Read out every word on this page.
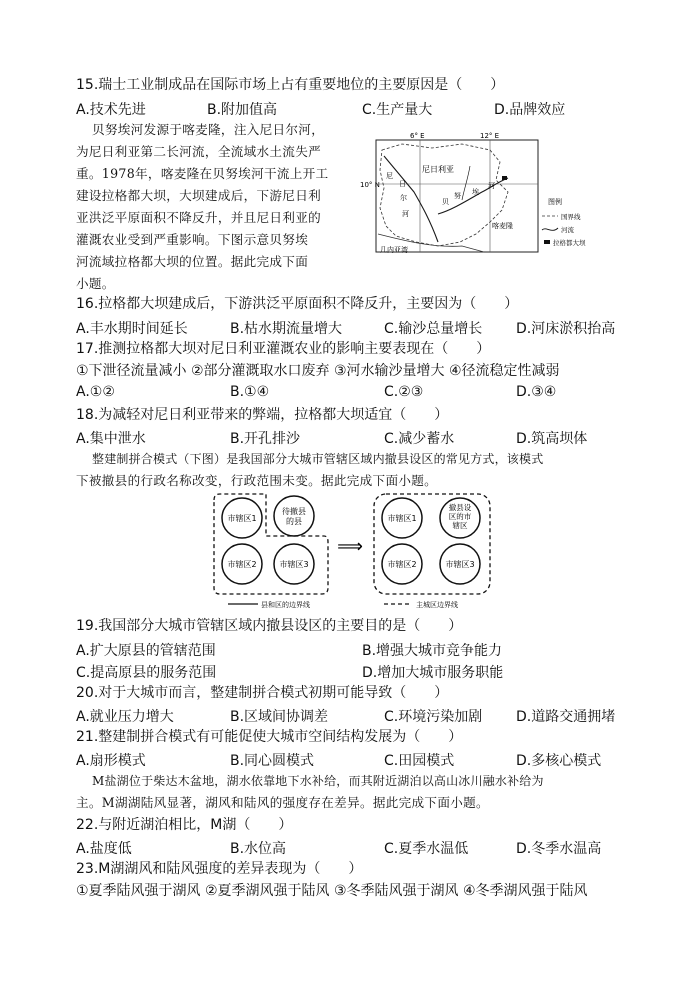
15.瑞士工业制成品在国际市场上占有重要地位的主要原因是（　　）
A.技术先进	B.附加值高	C.生产量大	D.品牌效应
贝努埃河发源于喀麦隆，注入尼日尔河，
为尼日利亚第二长河流，全流域水土流失严
重。1978年，喀麦隆在贝努埃河干流上开工
建设拉格都大坝，大坝建成后，下游尼日利
亚洪泛平原面积不降反升，并且尼日利亚的
灌溉农业受到严重影响。下图示意贝努埃
河流域拉格都大坝的位置。据此完成下面
小题。
6° E	12° E
10° N
尼日利亚
几内亚湾
喀麦隆
尼
日
尔
河
贝
努 埃
河
图例
国界线
河流
拉格都大坝
16.拉格都大坝建成后，下游洪泛平原面积不降反升，主要因为（　　）
A.丰水期时间延长	B.枯水期流量增大	C.输沙总量增长 D.河床淤积抬高
17.推测拉格都大坝对尼日利亚灌溉农业的影响主要表现在（　　）
①下泄径流量减小 ②部分灌溉取水口废弃 ③河水输沙量增大 ④径流稳定性减弱
A.①②	B.①④	C.②③	D.③④
18.为减轻对尼日利亚带来的弊端，拉格都大坝适宜（　　）
A.集中泄水	B.开孔排沙	C.减少蓄水	D.筑高坝体
整建制拼合模式（下图）是我国部分大城市管辖区域内撤县设区的常见方式，该模式
下被撤县的行政名称改变，行政范围未变。据此完成下面小题。
市辖区1
待撤县
的县
市辖区2	市辖区3
⟹
市辖区1
撤县设
区的市
辖区
市辖区2	市辖区3
县和区的边界线	主城区边界线
19.我国部分大城市管辖区域内撤县设区的主要目的是（　　）
A.扩大原县的管辖范围	B.增强大城市竞争能力
C.提高原县的服务范围	D.增加大城市服务职能
20.对于大城市而言，整建制拼合模式初期可能导致（　　）
A.就业压力增大	B.区域间协调差	C.环境污染加剧 D.道路交通拥堵
21.整建制拼合模式有可能促使大城市空间结构发展为（　　）
A.扇形模式	B.同心圆模式	C.田园模式	D.多核心模式
M盐湖位于柴达木盆地，湖水依靠地下水补给，而其附近湖泊以高山冰川融水补给为
主。M湖湖陆风显著，湖风和陆风的强度存在差异。据此完成下面小题。
22.与附近湖泊相比，M湖（　　）
A.盐度低	B.水位高	C.夏季水温低	D.冬季水温高
23.M湖湖风和陆风强度的差异表现为（　　）
①夏季陆风强于湖风 ②夏季湖风强于陆风 ③冬季陆风强于湖风 ④冬季湖风强于陆风
